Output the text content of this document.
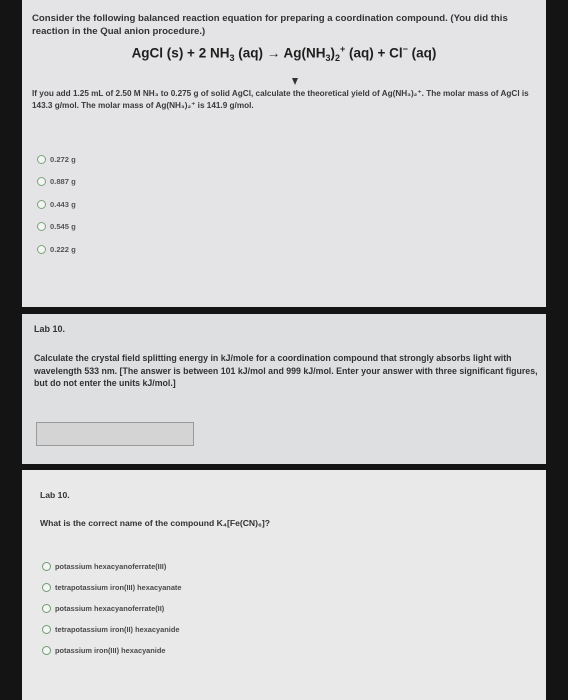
Consider the following balanced reaction equation for preparing a coordination compound. (You did this reaction in the Qual anion procedure.)
AgCl (s) + 2 $NH_3$ $(aq) \to Ag(NH_3)_2^+$ (aq) + Cl− (aq)
If you add 1.25 mL of 2.50 M NH₃ to 0.275 g of solid AgCl, calculate the theoretical yield of Ag(NH₃)₂⁺. The molar mass of AgCl is 143.3 g/mol. The molar mass of Ag(NH₃)₂⁺ is 141.9 g/mol.
0.272 g
0.887 g
0.443 g
0.545 g
0.222 g
Lab 10.
Calculate the crystal field splitting energy in kJ/mole for a coordination compound that strongly absorbs light with wavelength 533 nm. [The answer is between 101 kJ/mol and 999 kJ/mol. Enter your answer with three significant figures, but do not enter the units kJ/mol.]
Lab 10.
What is the correct name of the compound K₄[Fe(CN)₆]?
potassium hexacyanoferrate(III)
tetrapotassium iron(III) hexacyanate
potassium hexacyanoferrate(II)
tetrapotassium iron(II) hexacyanide
potassium iron(III) hexacyanide
